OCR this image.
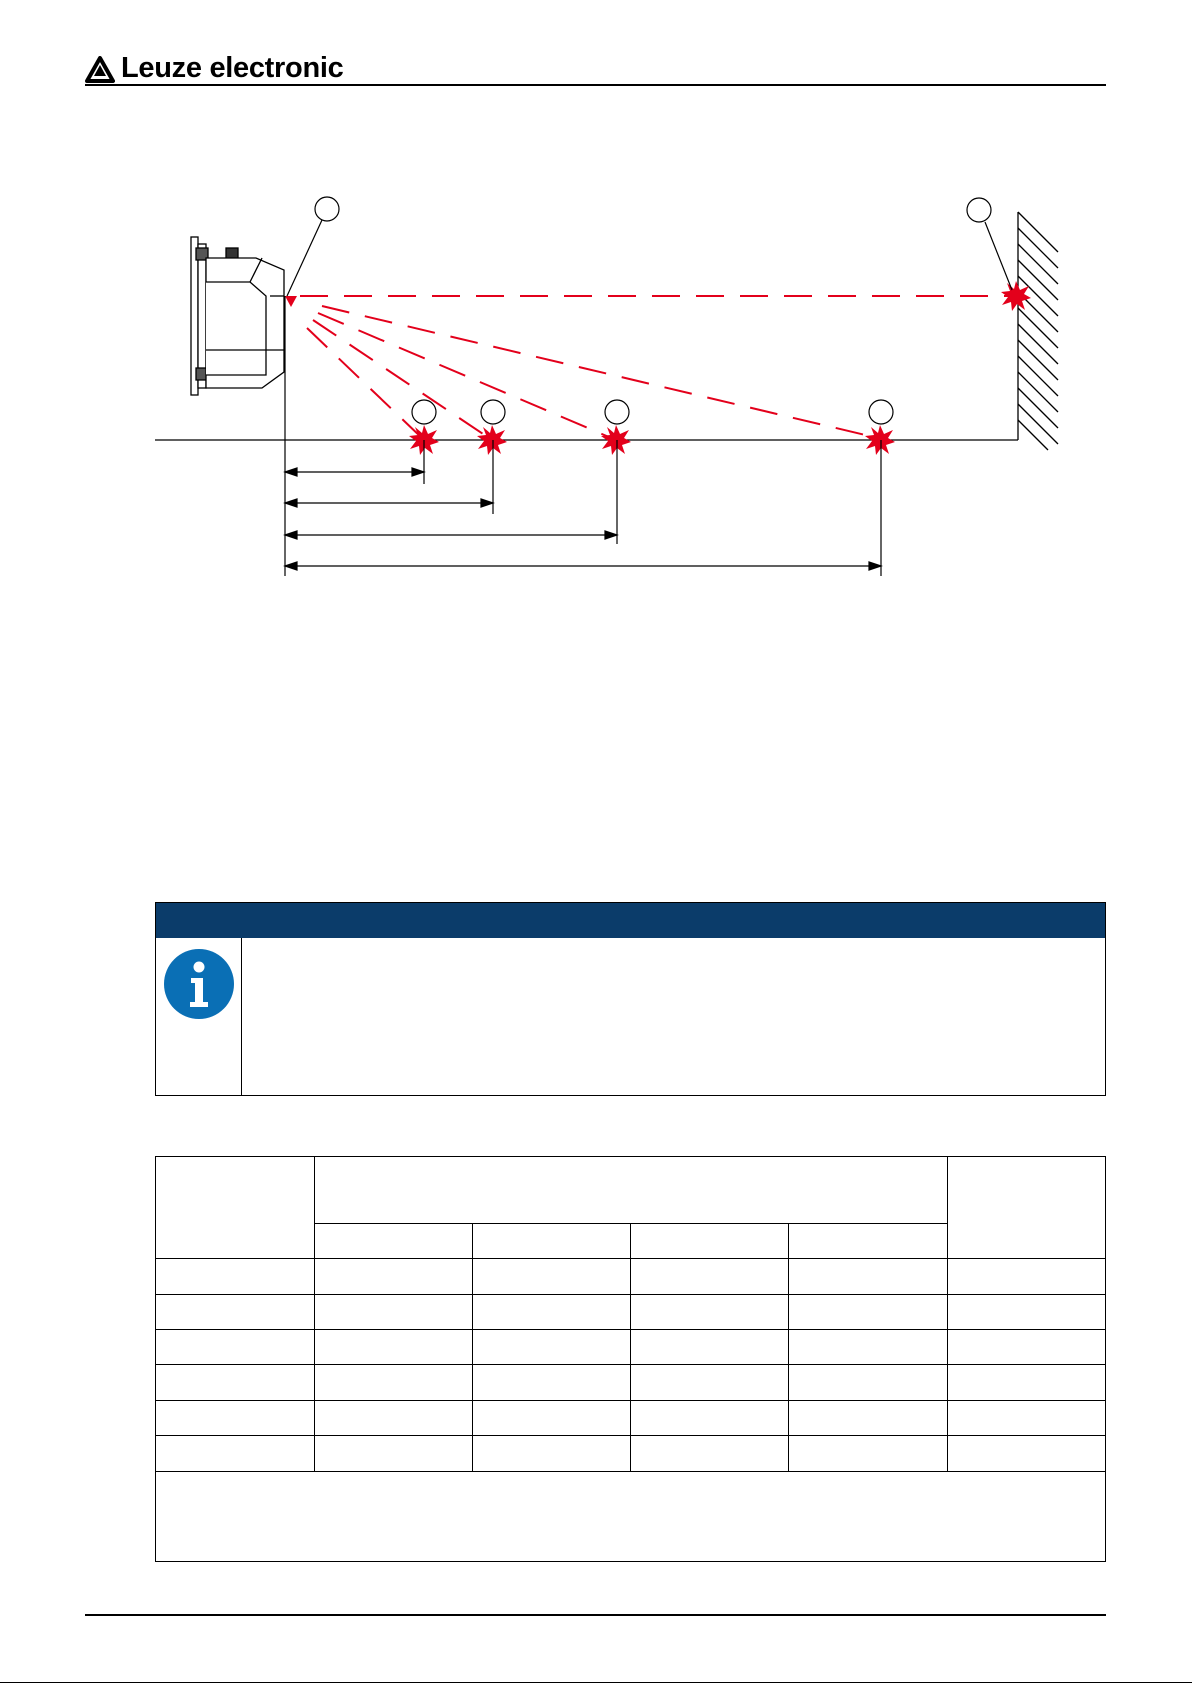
Leuze electronic
